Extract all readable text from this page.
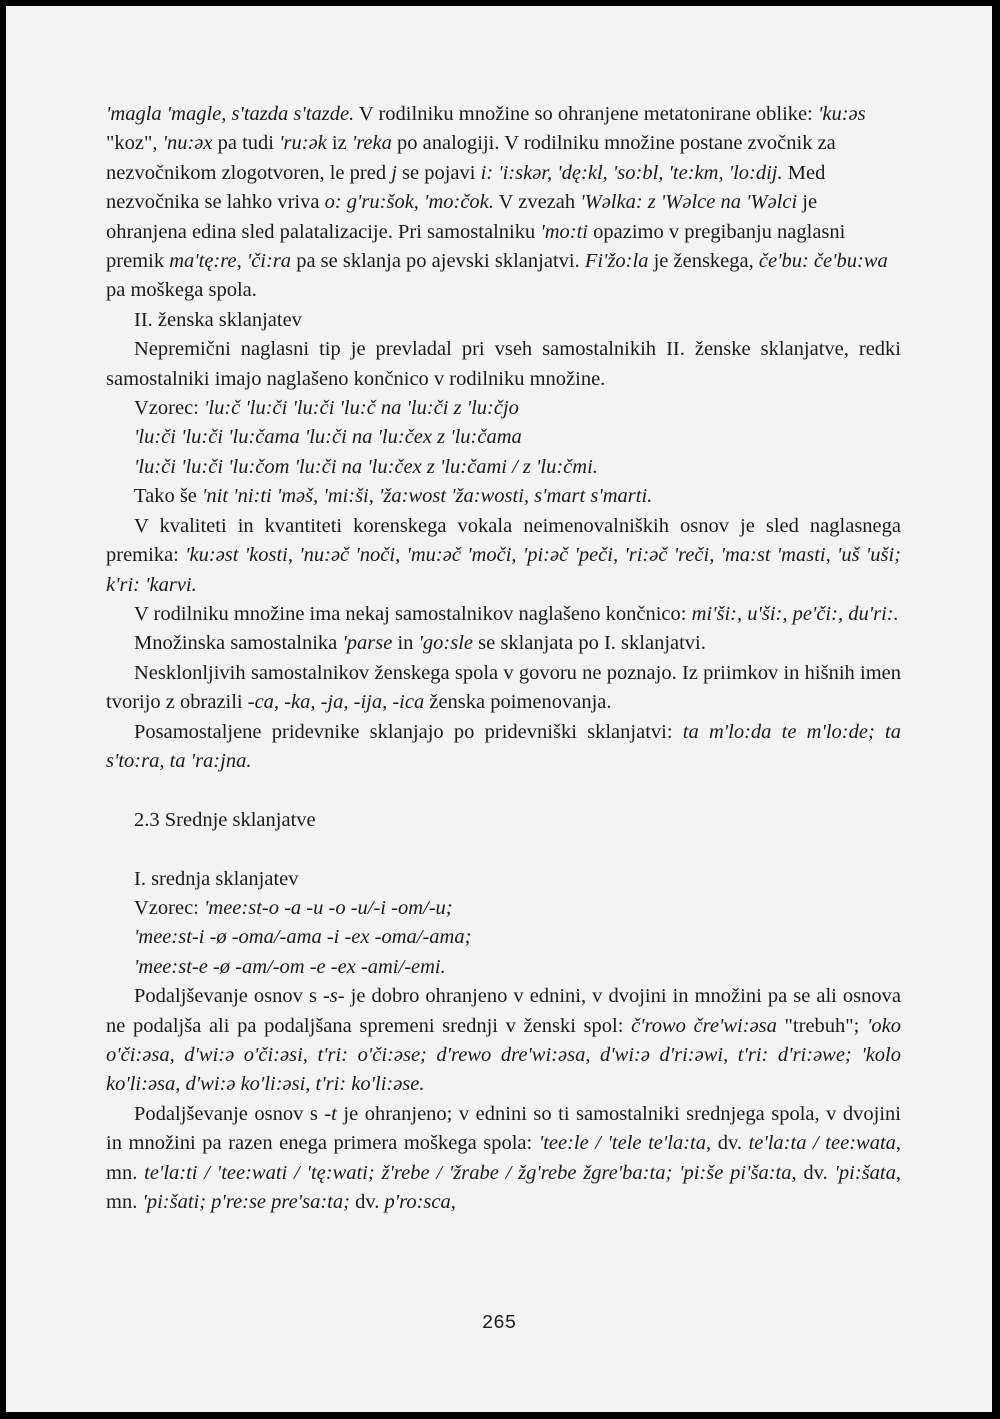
'magla 'magle, s'tazda s'tazde. V rodilniku množine so ohranjene metatonirane oblike: 'ku:əs "koz", 'nu:əx pa tudi 'ru:ək iz 'reka po analogiji. V rodilniku množine postane zvočnik za nezvočnikom zlogotvoren, le pred j se pojavi i: 'i:skər, 'dę:kl, 'so:bl, 'te:km, 'lo:dij. Med nezvočnika se lahko vriva o: g'ru:šok, 'mo:čok. V zvezah 'Wəlka: z 'Wəlce na 'Wəlci je ohranjena edina sled palatalizacije. Pri samostalniku 'mo:ti opazimo v pregibanju naglasni premik ma'tę:re, 'či:ra pa se sklanja po ajevski sklanjatvi. Fi'žo:la je ženskega, če'bu: če'bu:wa pa moškega spola.

II. ženska sklanjatev

Nepremični naglasni tip je prevladal pri vseh samostalnikih II. ženske sklanjatve, redki samostalniki imajo naglašeno končnico v rodilniku množine.

Vzorec: 'lu:č 'lu:či 'lu:či 'lu:č na 'lu:či z 'lu:čjo

'lu:či 'lu:či 'lu:čama 'lu:či na 'lu:čex z 'lu:čama

'lu:či 'lu:či 'lu:čom 'lu:či na 'lu:čex z 'lu:čami / z 'lu:čmi.

Tako še 'nit 'ni:ti 'məš, 'mi:ši, 'ža:wost 'ža:wosti, s'mart s'marti.

V kvaliteti in kvantiteti korenskega vokala neimenovalniških osnov je sled naglasnega premika: 'ku:əst 'kosti, 'nu:əč 'noči, 'mu:əč 'moči, 'pi:əč 'peči, 'ri:əč 'reči, 'ma:st 'masti, 'uš 'uši; k'ri: 'karvi.

V rodilniku množine ima nekaj samostalnikov naglašeno končnico: mi'ši:, u'ši:, pe'či:, du'ri:.

Množinska samostalnika 'parse in 'go:sle se sklanjata po I. sklanjatvi.

Nesklonljivih samostalnikov ženskega spola v govoru ne poznajo. Iz priimkov in hišnih imen tvorijo z obrazili -ca, -ka, -ja, -ija, -ica ženska poimenovanja.

Posamostaljene pridevnike sklanjajo po pridevniški sklanjatvi: ta m'lo:da te m'lo:de; ta s'to:ra, ta 'ra:jna.

2.3 Srednje sklanjatve

I. srednja sklanjatev

Vzorec: 'mee:st-o -a -u -o -u/-i -om/-u;

'mee:st-i -ø -oma/-ama -i -ex -oma/-ama;

'mee:st-e -ø -am/-om -e -ex -ami/-emi.

Podaljševanje osnov s -s- je dobro ohranjeno v ednini, v dvojini in množini pa se ali osnova ne podaljša ali pa podaljšana spremeni srednji v ženski spol: č'rowo čre'wi:əsa "trebuh"; 'oko o'či:əsa, d'wi:ə o'či:əsi, t'ri: o'či:əse; d'rewo dre'wi:əsa, d'wi:ə d'ri:əwi, t'ri: d'ri:əwe; 'kolo ko'li:əsa, d'wi:ə ko'li:əsi, t'ri: ko'li:əse.

Podaljševanje osnov s -t je ohranjeno; v ednini so ti samostalniki srednjega spola, v dvojini in množini pa razen enega primera moškega spola: 'tee:le / 'tele te'la:ta, dv. te'la:ta / tee:wata, mn. te'la:ti / 'tee:wati / 'tę:wati; ž'rebe / 'žrabe / žg'rebe žgre'ba:ta; 'pi:še pi'ša:ta, dv. 'pi:šata, mn. 'pi:šati; p're:se pre'sa:ta; dv. p'ro:sca,

265
